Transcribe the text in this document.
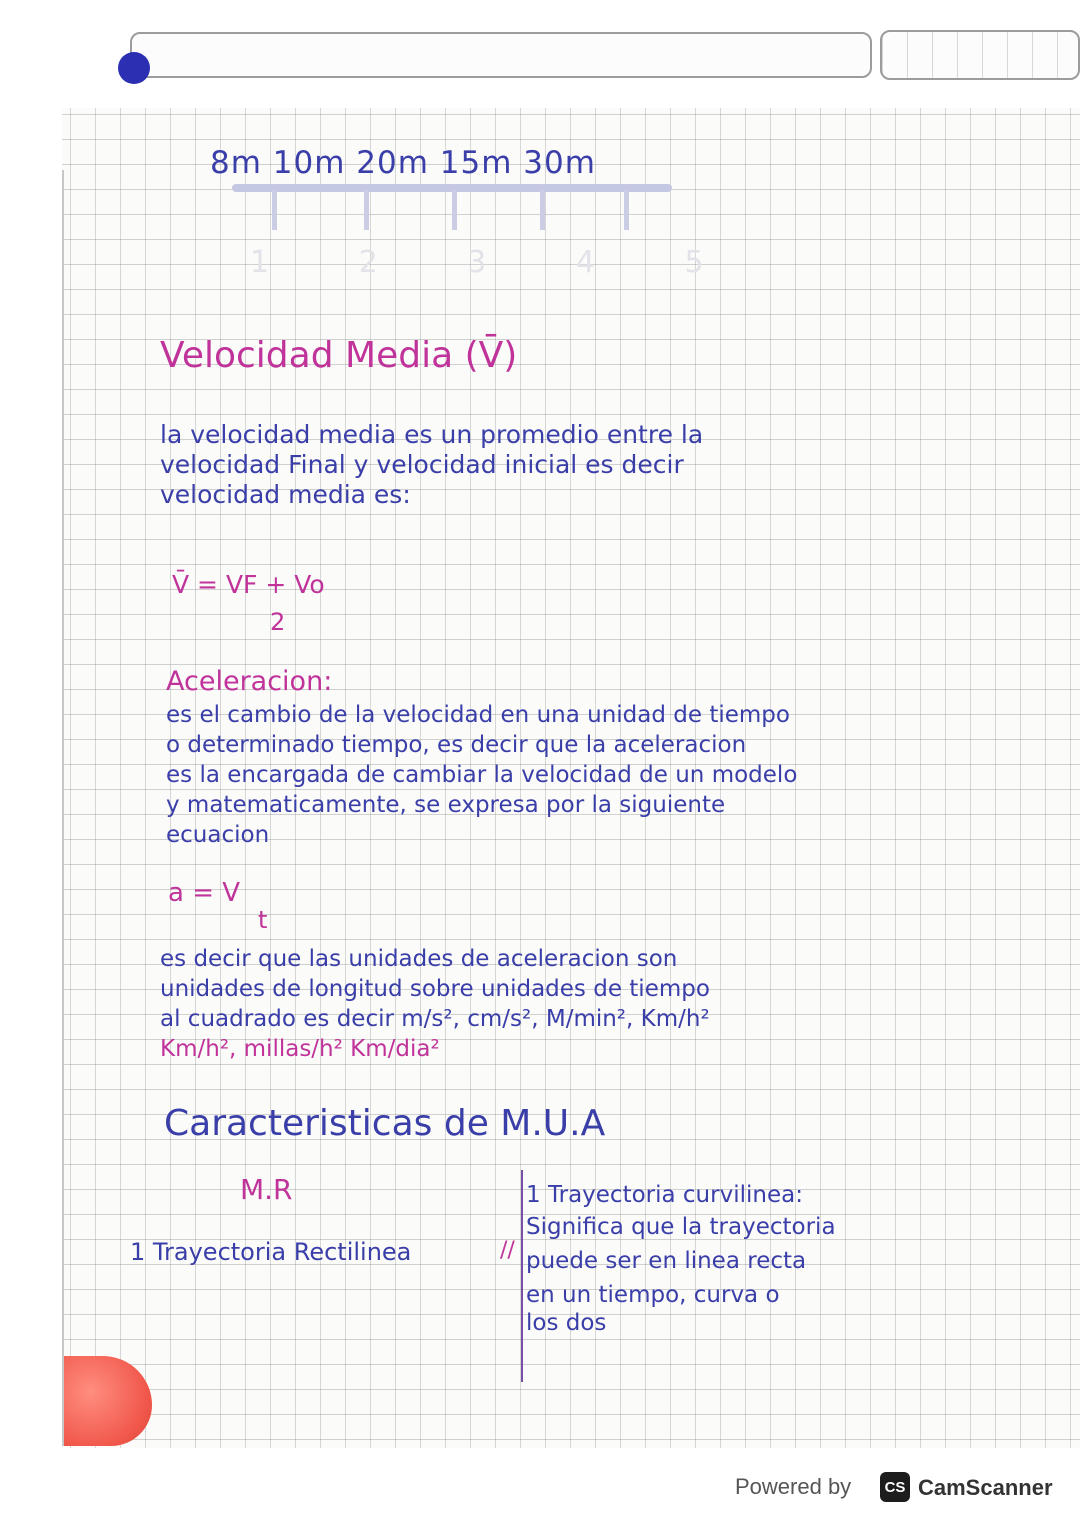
8m 10m 20m 15m 30m
1 2 3 4 5
Velocidad Media (V̄)
la velocidad media es un promedio entre la
velocidad Final y velocidad inicial es decir
velocidad media es:
V̄ = VF + Vo
2
Aceleracion:
es el cambio de la velocidad en una unidad de tiempo
o determinado tiempo, es decir que la aceleracion
es la encargada de cambiar la velocidad de un modelo
y matematicamente, se expresa por la siguiente
ecuacion
a = V
t
es decir que las unidades de aceleracion son
unidades de longitud sobre unidades de tiempo
al cuadrado es decir m/s², cm/s², M/min², Km/h²
Km/h², millas/h² Km/dia²
Caracteristicas de M.U.A
M.R
1 Trayectoria Rectilinea	//
1 Trayectoria curvilinea:
Significa que la trayectoria
puede ser en linea recta
en un tiempo, curva o
los dos
Powered by	CS CamScanner
